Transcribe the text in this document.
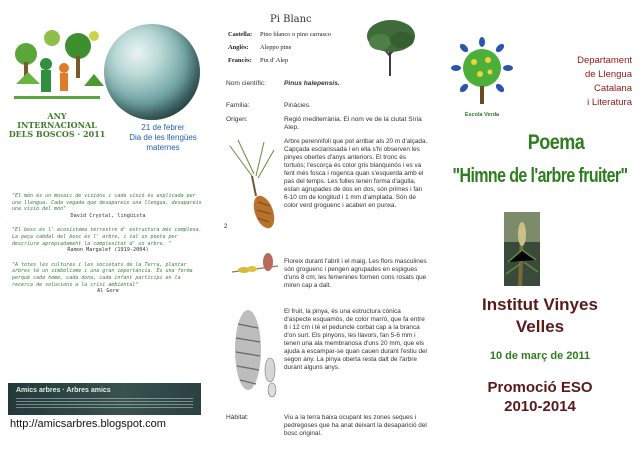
ANY INTERNACIONAL
DELS BOSCOS · 2011
21 de febrer
Dia de les llengües
maternes
"El món és un mosaic de visions i cada visió és explicada per una llengua. Cada vegada que desapareix una llengua, desapareix una visió del món"
David Crystal, lingüista
"El bosc és l' ecosistema terrestre d' estructura més complexa. La peça cabdal del bosc és l' arbre, i cal un poeta per descriure apropiadament la complexitat d' un arbre. "
Ramon Margalef (1919-2004)
"A totes les cultures i les societats de la Terra, plantar arbres té un simbolisme i una gran importància. És una forma perquè cada home, cada dona, cada infant participi en la recerca de solucions a la crisi ambiental"
Al Gore
Amics arbres · Arbres amics
http://amicsarbres.blogspot.com
Pi Blanc
Castella:	Pino blanco o pino carrasco
Anglès:	Aleppo pine
Francès:	Pin d' Alep
Nom científic:	Pinus halepensis.
Família:	Pinàcies.
Origen:	Regió mediterrània. El nom ve de la ciutat Síria Alep.
2
Arbre perennifoli que pot arribar als 20 m d'alçada. Capçada esclarissada i en ella s'hi observen les pinyes obertes d'anys anteriors. El tronc és tortuós; l'escorça és color gris blanquinós i es va fent més fosca i rogenca quan s'esquerda amb el pas del temps. Les fulles tenen forma d'agulla, estan agrupades de dos en dos, són primes i fan 6-10 cm de longitud i 1 mm d'amplada. Són de color verd groguenc i acaben en punxa.
Floreix durant l'abril i el maig. Les flors masculines són groguenc i pengen agrupades en espigues d'uns 8 cm; les femenines formen cons rosats que miren cap a dalt.
El fruit, la pinya, és una estructura cònica d'aspecte esquamós, de color marró, que fa entre 8 i 12 cm i té el peduncle corbat cap a la branca d'on surt. Els pinyons, les llavors, fan 5-6 mm i tenen una ala membranosa d'uns 20 mm, que els ajuda a escampar-se quan cauen durant l'estiu del segon any. La pinya oberta resta dalt de l'arbre durant alguns anys.
Hàbitat:	Viu a la terra baixa ocupant les zones seques i pedregoses que ha anat deixant la desaparició del bosc original.
Escola Verda
Departament
de Llengua
Catalana
i Literatura
Poema
"Himne de l'arbre fruiter"
Institut Vinyes
Velles
10 de març de 2011
Promoció ESO
2010-2014
